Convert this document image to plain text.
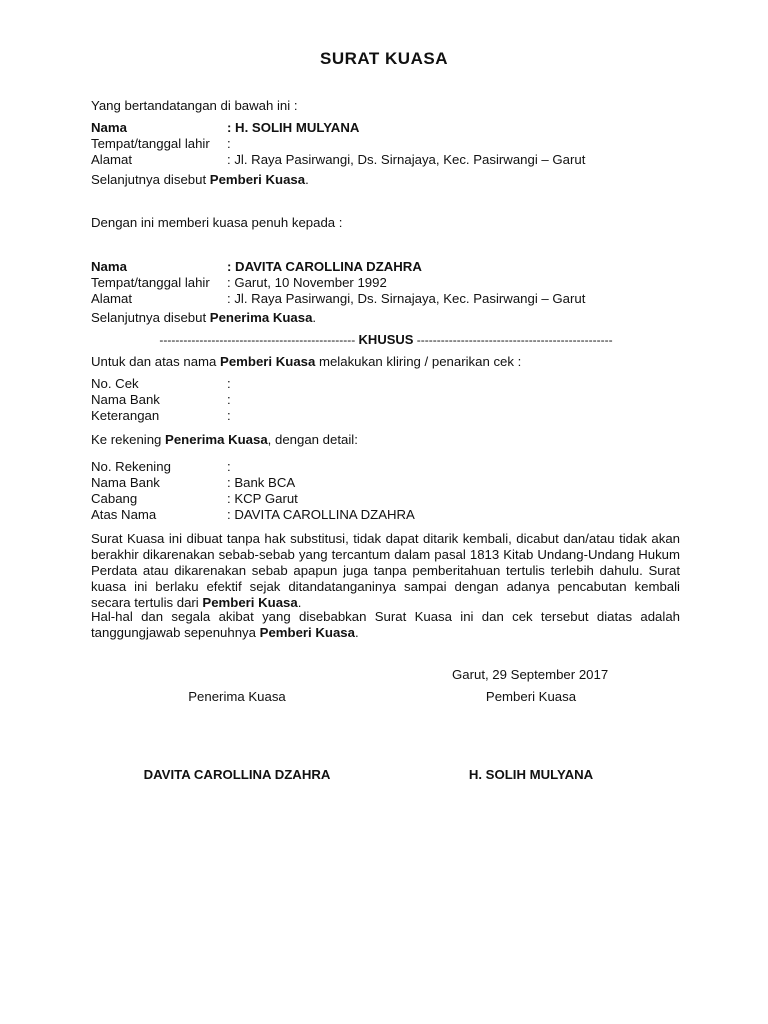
SURAT KUASA
Yang bertandatangan di bawah ini :
Nama	: H. SOLIH MULYANA
Tempat/tanggal lahir :
Alamat	: Jl. Raya Pasirwangi, Ds. Sirnajaya, Kec. Pasirwangi – Garut
Selanjutnya disebut Pemberi Kuasa.
Dengan ini memberi kuasa penuh kepada :
Nama	: DAVITA CAROLLINA DZAHRA
Tempat/tanggal lahir : Garut, 10 November 1992
Alamat	: Jl. Raya Pasirwangi, Ds. Sirnajaya, Kec. Pasirwangi – Garut
Selanjutnya disebut Penerima Kuasa.
------------------------------------------------- KHUSUS -------------------------------------------------
Untuk dan atas nama Pemberi Kuasa melakukan kliring / penarikan cek :
No. Cek	:
Nama Bank	:
Keterangan	:
Ke rekening Penerima Kuasa, dengan detail:
No. Rekening	:
Nama Bank	: Bank BCA
Cabang	: KCP Garut
Atas Nama	: DAVITA CAROLLINA DZAHRA
Surat Kuasa ini dibuat tanpa hak substitusi, tidak dapat ditarik kembali, dicabut dan/atau tidak akan berakhir dikarenakan sebab-sebab yang tercantum dalam pasal 1813 Kitab Undang-Undang Hukum Perdata atau dikarenakan sebab apapun juga tanpa pemberitahuan tertulis terlebih dahulu. Surat kuasa ini berlaku efektif sejak ditandatanganinya sampai dengan adanya pencabutan kembali secara tertulis dari Pemberi Kuasa.
Hal-hal dan segala akibat yang disebabkan Surat Kuasa ini dan cek tersebut diatas adalah tanggungjawab sepenuhnya Pemberi Kuasa.
Garut, 29 September 2017
Penerima Kuasa	Pemberi Kuasa
DAVITA CAROLLINA DZAHRA	H. SOLIH MULYANA
